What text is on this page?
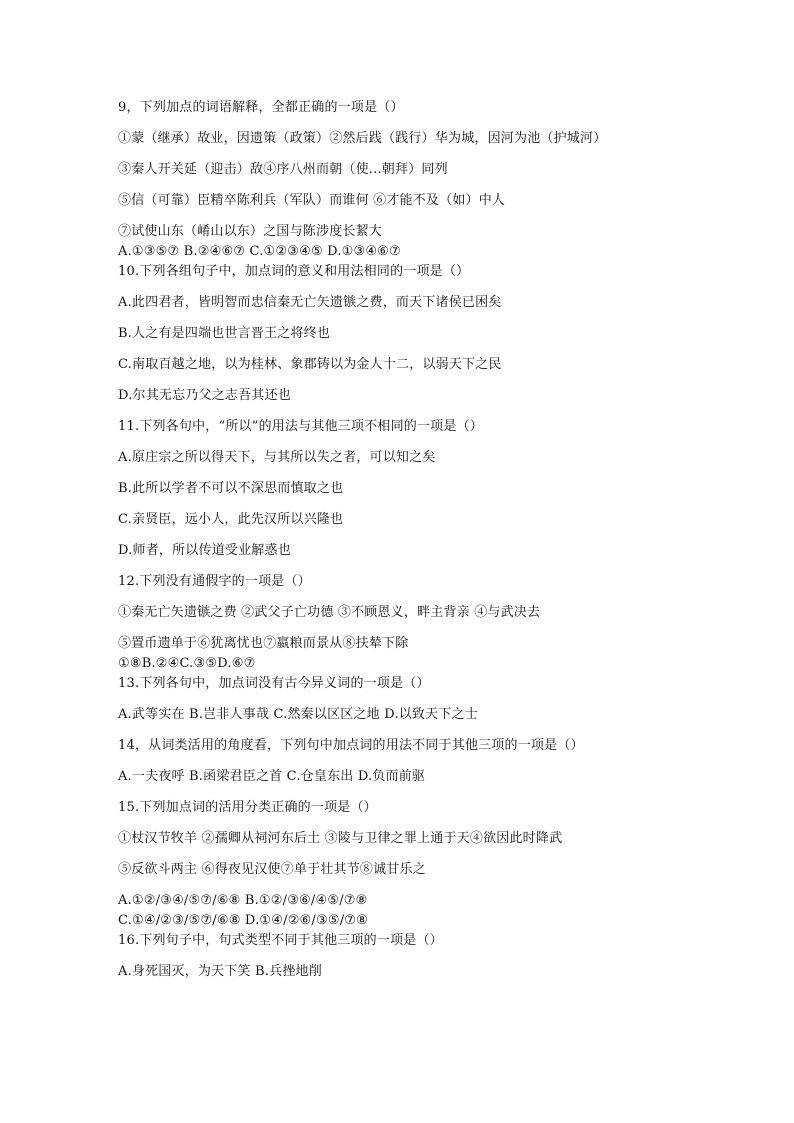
9，下列加点的词语解释，全都正确的一项是（）
①蒙（继承）故业，因遗策（政策）②然后践（践行）华为城，因河为池（护城河）
③秦人开关延（迎击）敌④序八州而朝（使...朝拜）同列
⑤信（可靠）臣精卒陈利兵（军队）而谁何 ⑥才能不及（如）中人
⑦试使山东（崤山以东）之国与陈涉度长絜大
A.①③⑤⑦ B.②④⑥⑦ C.①②③④⑤ D.①③④⑥⑦
10.下列各组句子中，加点词的意义和用法相同的一项是（）
A.此四君者，皆明智而忠信秦无亡矢遗镞之费，而天下诸侯已困矣
B.人之有是四端也世言晋王之将终也
C.南取百越之地，以为桂林、象郡铸以为金人十二，以弱天下之民
D.尔其无忘乃父之志吾其还也
11.下列各句中，“所以”的用法与其他三项不相同的一项是（）
A.原庄宗之所以得天下，与其所以失之者，可以知之矣
B.此所以学者不可以不深思而慎取之也
C.亲贤臣，远小人，此先汉所以兴隆也
D.师者，所以传道受业解惑也
12.下列没有通假字的一项是（）
①秦无亡矢遗镞之费 ②武父子亡功德 ③不顾恩义，畔主背亲 ④与武决去
⑤置币遗单于⑥犹离忧也⑦嬴粮而景从⑧扶辇下除
①⑧B.②④C.③⑤D.⑥⑦
13.下列各句中，加点词没有古今异义词的一项是（）
A.武等实在 B.岂非人事哉 C.然秦以区区之地 D.以致天下之士
14，从词类活用的角度看，下列句中加点词的用法不同于其他三项的一项是（）
A.一夫夜呼 B.函梁君臣之首 C.仓皇东出 D.负而前驱
15.下列加点词的活用分类正确的一项是（）
①杖汉节牧羊 ②孺卿从祠河东后土 ③陵与卫律之罪上通于天④欲因此时降武
⑤反欲斗两主 ⑥得夜见汉使⑦单于壮其节⑧诚甘乐之
A.①②/③④/⑤⑦/⑥⑧ B.①②/③⑥/④⑤/⑦⑧
C.①④/②③/⑤⑦/⑥⑧ D.①④/②⑥/③⑤/⑦⑧
16.下列句子中，句式类型不同于其他三项的一项是（）
A.身死国灭，为天下笑 B.兵挫地削
